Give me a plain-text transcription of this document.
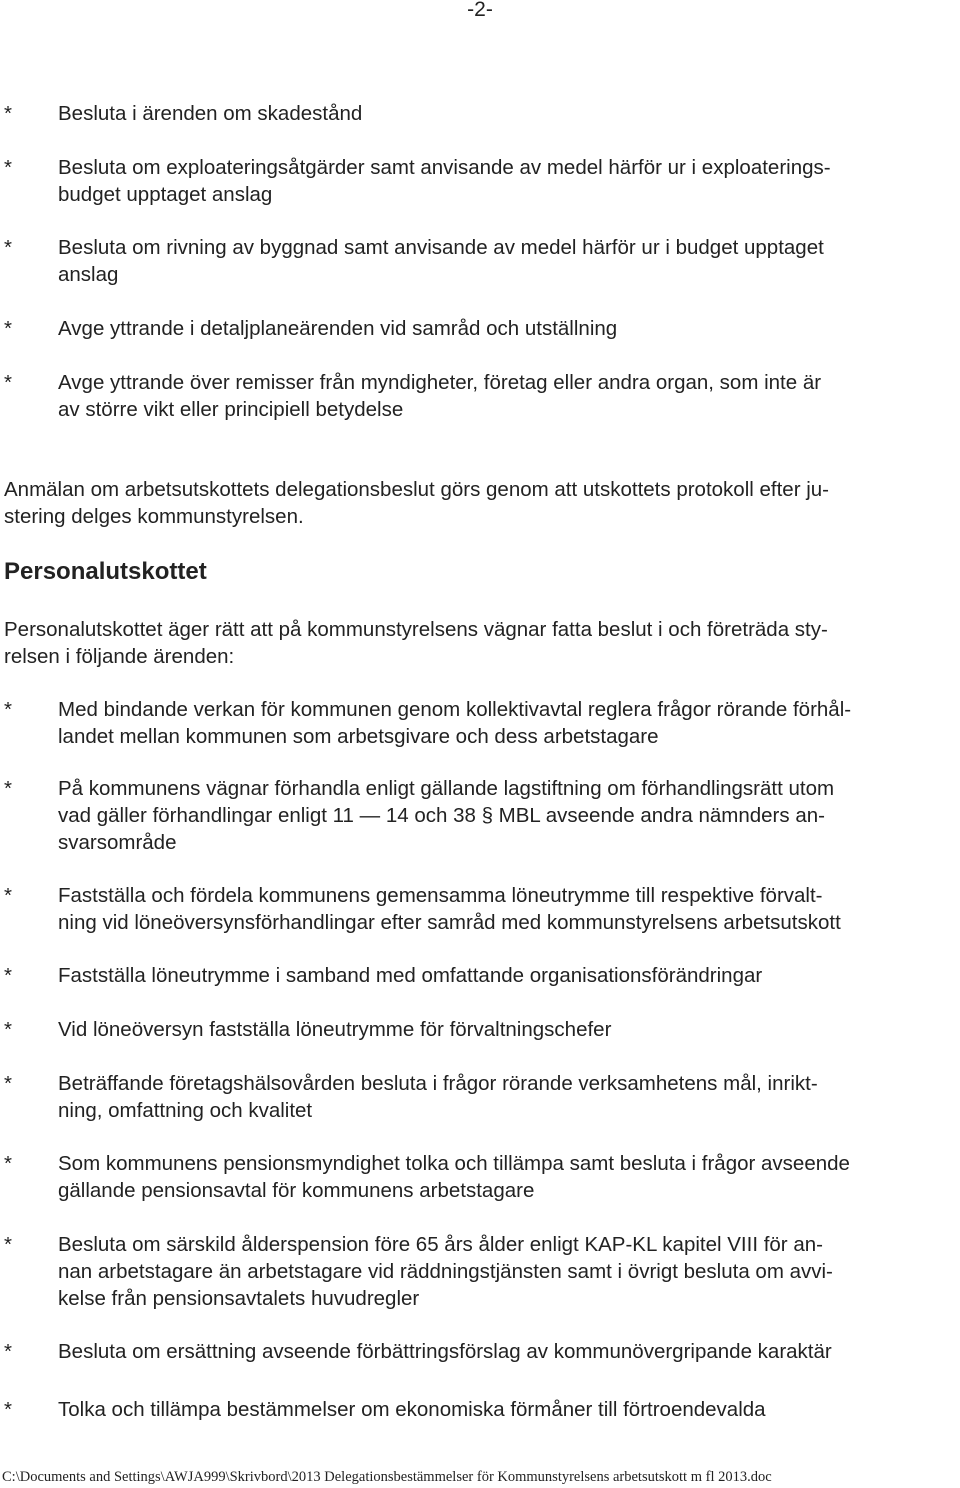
-2-
* Besluta i ärenden om skadestånd
* Besluta om exploateringsåtgärder samt anvisande av medel härför ur i exploaterings-
budget upptaget anslag
* Besluta om rivning av byggnad samt anvisande av medel härför ur i budget upptaget
anslag
* Avge yttrande i detaljplaneärenden vid samråd och utställning
* Avge yttrande över remisser från myndigheter, företag eller andra organ, som inte är
av större vikt eller principiell betydelse
Anmälan om arbetsutskottets delegationsbeslut görs genom att utskottets protokoll efter ju-
stering delges kommunstyrelsen.
Personalutskottet
Personalutskottet äger rätt att på kommunstyrelsens vägnar fatta beslut i och företräda sty-
relsen i följande ärenden:
* Med bindande verkan för kommunen genom kollektivavtal reglera frågor rörande förhål-
landet mellan kommunen som arbetsgivare och dess arbetstagare
* På kommunens vägnar förhandla enligt gällande lagstiftning om förhandlingsrätt utom
vad gäller förhandlingar enligt 11 — 14 och 38 § MBL avseende andra nämnders an-
svarsområde
* Fastställa och fördela kommunens gemensamma löneutrymme till respektive förvalt-
ning vid löneöversynsförhandlingar efter samråd med kommunstyrelsens arbetsutskott
* Fastställa löneutrymme i samband med omfattande organisationsförändringar
* Vid löneöversyn fastställa löneutrymme för förvaltningschefer
* Beträffande företagshälsovården besluta i frågor rörande verksamhetens mål, inrikt-
ning, omfattning och kvalitet
* Som kommunens pensionsmyndighet tolka och tillämpa samt besluta i frågor avseende
gällande pensionsavtal för kommunens arbetstagare
* Besluta om särskild ålderspension före 65 års ålder enligt KAP-KL kapitel VIII för an-
nan arbetstagare än arbetstagare vid räddningstjänsten samt i övrigt besluta om avvi-
kelse från pensionsavtalets huvudregler
* Besluta om ersättning avseende förbättringsförslag av kommunövergripande karaktär
* Tolka och tillämpa bestämmelser om ekonomiska förmåner till förtroendevalda
C:\Documents and Settings\AWJA999\Skrivbord\2013 Delegationsbestämmelser för Kommunstyrelsens arbetsutskott m fl 2013.doc
